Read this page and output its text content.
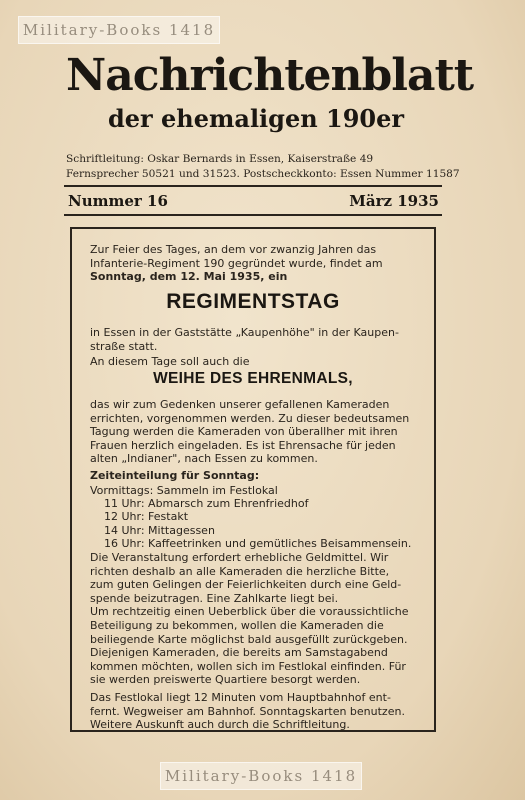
Military-Books 1418
Nachrichtenblatt
der ehemaligen 190er
Schriftleitung: Oskar Bernards in Essen, Kaiserstraße 49
Fernsprecher 50521 und 31523. Postscheckkonto: Essen Nummer 11587
Nummer 16	März 1935
Zur Feier des Tages, an dem vor zwanzig Jahren das
Infanterie-Regiment 190 gegründet wurde, findet am
Sonntag, dem 12. Mai 1935, ein
REGIMENTSTAG
in Essen in der Gaststätte „Kaupenhöhe" in der Kaupen-
straße statt.
An diesem Tage soll auch die
WEIHE DES EHRENMALS,
das wir zum Gedenken unserer gefallenen Kameraden
errichten, vorgenommen werden. Zu dieser bedeutsamen
Tagung werden die Kameraden von überallher mit ihren
Frauen herzlich eingeladen. Es ist Ehrensache für jeden
alten „Indianer", nach Essen zu kommen.
Zeiteinteilung für Sonntag:
Vormittags: Sammeln im Festlokal
11 Uhr: Abmarsch zum Ehrenfriedhof
12 Uhr: Festakt
14 Uhr: Mittagessen
16 Uhr: Kaffeetrinken und gemütliches Beisammensein.
Die Veranstaltung erfordert erhebliche Geldmittel. Wir
richten deshalb an alle Kameraden die herzliche Bitte,
zum guten Gelingen der Feierlichkeiten durch eine Geld-
spende beizutragen. Eine Zahlkarte liegt bei.
Um rechtzeitig einen Ueberblick über die voraussichtliche
Beteiligung zu bekommen, wollen die Kameraden die
beiliegende Karte möglichst bald ausgefüllt zurückgeben.
Diejenigen Kameraden, die bereits am Samstagabend
kommen möchten, wollen sich im Festlokal einfinden. Für
sie werden preiswerte Quartiere besorgt werden.
Das Festlokal liegt 12 Minuten vom Hauptbahnhof ent-
fernt. Wegweiser am Bahnhof. Sonntagskarten benutzen.
Weitere Auskunft auch durch die Schriftleitung.
Military-Books 1418
